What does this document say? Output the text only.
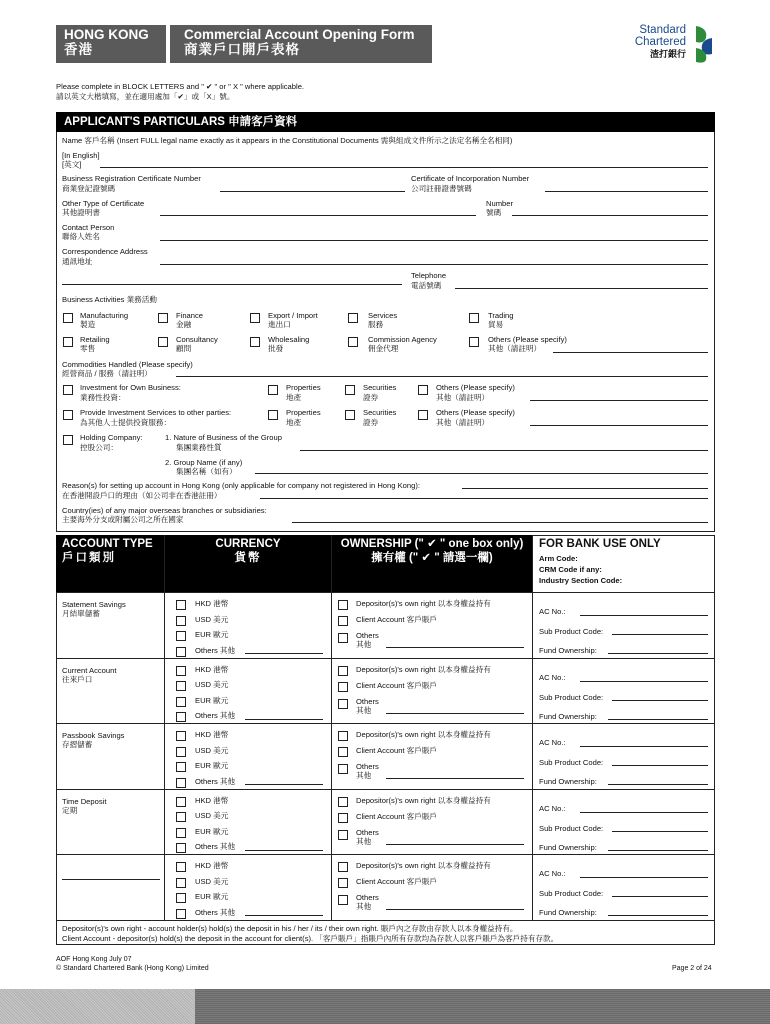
HONG KONG
香港
Commercial Account Opening Form
商業戶口開戶表格
Standard
Chartered
渣打銀行
Please complete in BLOCK LETTERS and " ✔ " or " X " where applicable.
請以英文大楷填寫，並在適用處加「✔」或「X」號。
APPLICANT'S PARTICULARS 申請客戶資料
Name 客戶名稱 (Insert FULL legal name exactly as it appears in the Constitutional Documents 需與組成文件所示之法定名稱全名相同)
[In English]
[英文]
Business Registration Certificate Number
商業登記證號碼
Certificate of Incorporation Number
公司註冊證書號碼
Other Type of Certificate
其他證明書
Number
號碼
Contact Person
聯絡人姓名
Correspondence Address
通訊地址
Telephone
電話號碼
Business Activities 業務活動
Manufacturing
製造
Finance
金融
Export / Import
進出口
Services
服務
Trading
貿易
Retailing
零售
Consultancy
顧問
Wholesaling
批發
Commission Agency
佣金代理
Others (Please specify)
其他（請註明）
Commodities Handled (Please specify)
經營商品 / 服務（請註明）
Investment for Own Business:
業務性投資：
Properties
地產
Securities
證券
Others (Please specify)
其他（請註明）
Provide Investment Services to other parties:
為其他人士提供投資服務：
Properties
地產
Securities
證券
Others (Please specify)
其他（請註明）
Holding Company:
控股公司：
1. Nature of Business of the Group
集團業務性質
2. Group Name (if any)
集團名稱（如有）
Reason(s) for setting up account in Hong Kong (only applicable for company not registered in Hong Kong):
在香港開設戶口的理由（如公司非在香港註冊）
Country(ies) of any major overseas branches or subsidiaries:
主要海外分支或附屬公司之所在國家
ACCOUNT TYPE
戶口類別
CURRENCY
貨幣
OWNERSHIP (" ✔ " one box only)
擁有權 (" ✔ " 請選一欄)
FOR BANK USE ONLY
Arm Code:
CRM Code if any:
Industry Section Code:
Statement Savings
月結單儲蓄
HKD 港幣
USD 美元
EUR 歐元
Others 其他
Depositor(s)'s own right 以本身權益持有
Client Account 客戶賬戶
Others
其他
AC No.:
Sub Product Code:
Fund Ownership:
Current Account
往來戶口
HKD 港幣
USD 美元
EUR 歐元
Others 其他
Depositor(s)'s own right 以本身權益持有
Client Account 客戶賬戶
Others
其他
AC No.:
Sub Product Code:
Fund Ownership:
Passbook Savings
存摺儲蓄
HKD 港幣
USD 美元
EUR 歐元
Others 其他
Depositor(s)'s own right 以本身權益持有
Client Account 客戶賬戶
Others
其他
AC No.:
Sub Product Code:
Fund Ownership:
Time Deposit
定期
HKD 港幣
USD 美元
EUR 歐元
Others 其他
Depositor(s)'s own right 以本身權益持有
Client Account 客戶賬戶
Others
其他
AC No.:
Sub Product Code:
Fund Ownership:
HKD 港幣
USD 美元
EUR 歐元
Others 其他
Depositor(s)'s own right 以本身權益持有
Client Account 客戶賬戶
Others
其他
AC No.:
Sub Product Code:
Fund Ownership:
Depositor(s)'s own right - account holder(s) hold(s) the deposit in his / her / its / their own right. 賬戶內之存款由存款人以本身權益持有。
Client Account - depositor(s) hold(s) the deposit in the account for client(s). 「客戶賬戶」指賬戶內所有存款均為存款人以客戶賬戶為客戶持有存款。
AOF Hong Kong July 07
© Standard Chartered Bank (Hong Kong) Limited	Page 2 of 24
